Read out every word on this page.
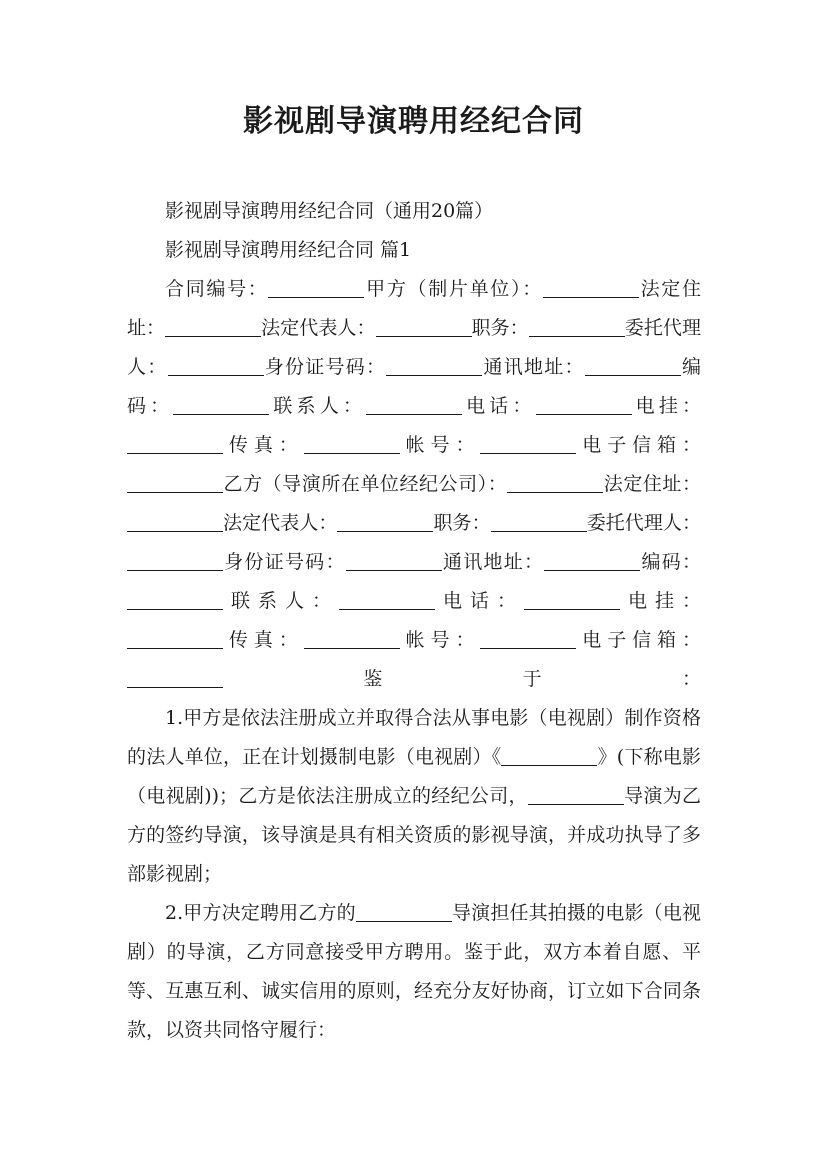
影视剧导演聘用经纪合同

影视剧导演聘用经纪合同（通用20篇）

影视剧导演聘用经纪合同 篇1

合同编号：	甲方（制片单位）：	法定住址：	法定代表人：	职务：	委托代理人：	身份证号码：	通讯地址：	编码：	联系人：	电话：	电挂：传真：	帐号：	电子信箱：乙方（导演所在单位经纪公司）：	法定住址：法定代表人：	职务：	委托代理人：身份证号码：	通讯地址：	编码：联系人：	电话：	电挂：传真：	帐号：	电子信箱：鉴于：

1.甲方是依法注册成立并取得合法从事电影（电视剧）制作资格的法人单位，正在计划摄制电影（电视剧）《	》(下称电影（电视剧))；乙方是依法注册成立的经纪公司，	导演为乙方的签约导演，该导演是具有相关资质的影视导演，并成功执导了多部影视剧；

2.甲方决定聘用乙方的	导演担任其拍摄的电影（电视剧）的导演，乙方同意接受甲方聘用。鉴于此，双方本着自愿、平等、互惠互利、诚实信用的原则，经充分友好协商，订立如下合同条款，以资共同恪守履行：
